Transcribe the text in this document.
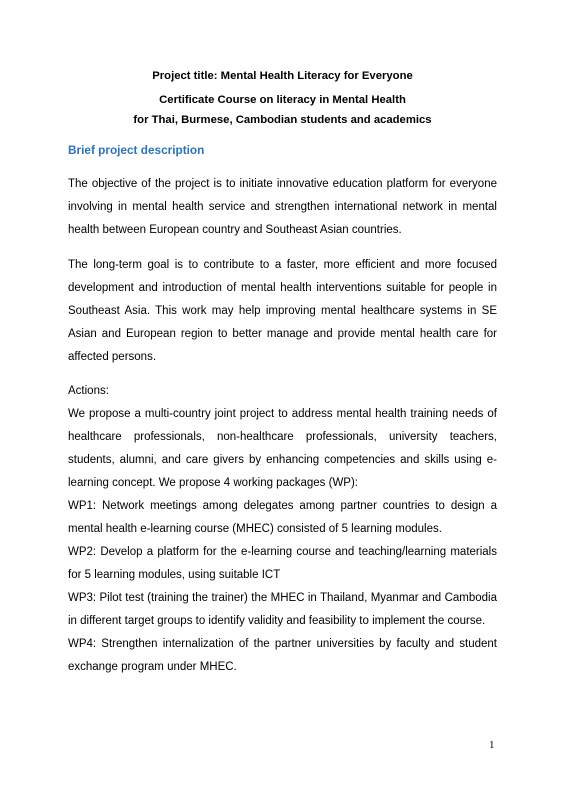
Project title: Mental Health Literacy for Everyone
Certificate Course on literacy in Mental Health
for Thai, Burmese, Cambodian students and academics
Brief project description

The objective of the project is to initiate innovative education platform for everyone involving in mental health service and strengthen international network in mental health between European country and Southeast Asian countries.

The long-term goal is to contribute to a faster, more efficient and more focused development and introduction of mental health interventions suitable for people in Southeast Asia. This work may help improving mental healthcare systems in SE Asian and European region to better manage and provide mental health care for affected persons.

Actions:

We propose a multi-country joint project to address mental health training needs of healthcare professionals, non-healthcare professionals, university teachers, students, alumni, and care givers by enhancing competencies and skills using e-learning concept. We propose 4 working packages (WP):

WP1: Network meetings among delegates among partner countries to design a mental health e-learning course (MHEC) consisted of 5 learning modules.

WP2: Develop a platform for the e-learning course and teaching/learning materials for 5 learning modules, using suitable ICT

WP3: Pilot test (training the trainer) the MHEC in Thailand, Myanmar and Cambodia in different target groups to identify validity and feasibility to implement the course.

WP4: Strengthen internalization of the partner universities by faculty and student exchange program under MHEC.

1
